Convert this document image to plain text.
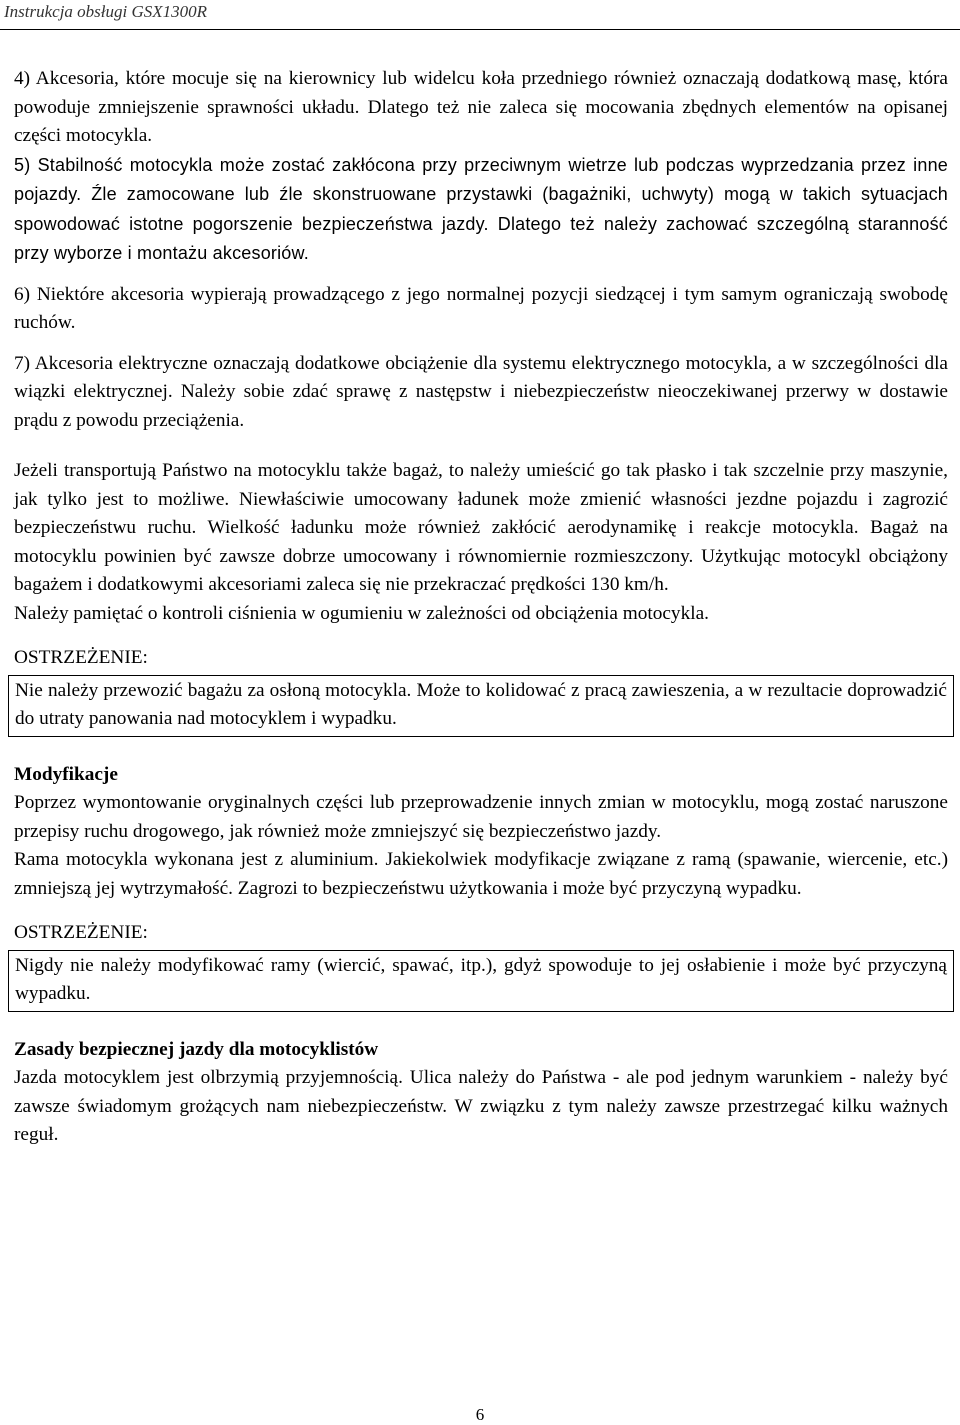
Instrukcja obsługi GSX1300R

4) Akcesoria, które mocuje się na kierownicy lub widelcu koła przedniego również oznaczają dodatkową masę, która powoduje zmniejszenie sprawności układu. Dlatego też nie zaleca się mocowania zbędnych elementów na opisanej części motocykla.

5) Stabilność motocykla może zostać zakłócona przy przeciwnym wietrze lub podczas wyprzedzania przez inne pojazdy. Źle zamocowane lub źle skonstruowane przystawki (bagażniki, uchwyty) mogą w takich sytuacjach spowodować istotne pogorszenie bezpieczeństwa jazdy. Dlatego też należy zachować szczególną staranność przy wyborze i montażu akcesoriów.

6) Niektóre akcesoria wypierają prowadzącego z jego normalnej pozycji siedzącej i tym samym ograniczają swobodę ruchów.

7) Akcesoria elektryczne oznaczają dodatkowe obciążenie dla systemu elektrycznego motocykla, a w szczególności dla wiązki elektrycznej. Należy sobie zdać sprawę z następstw i niebezpieczeństw nieoczekiwanej przerwy w dostawie prądu z powodu przeciążenia.

Jeżeli transportują Państwo na motocyklu także bagaż, to należy umieścić go tak płasko i tak szczelnie przy maszynie, jak tylko jest to możliwe. Niewłaściwie umocowany ładunek może zmienić własności jezdne pojazdu i zagrozić bezpieczeństwu ruchu. Wielkość ładunku może również zakłócić aerodynamikę i reakcje motocykla. Bagaż na motocyklu powinien być zawsze dobrze umocowany i równomiernie rozmieszczony. Użytkując motocykl obciążony bagażem i dodatkowymi akcesoriami zaleca się nie przekraczać prędkości 130 km/h.

Należy pamiętać o kontroli ciśnienia w ogumieniu w zależności od obciążenia motocykla.

OSTRZEŻENIE:

Nie należy przewozić bagażu za osłoną motocykla. Może to kolidować z pracą zawieszenia, a w rezultacie doprowadzić do utraty panowania nad motocyklem i wypadku.

Modyfikacje

Poprzez wymontowanie oryginalnych części lub przeprowadzenie innych zmian w motocyklu, mogą zostać naruszone przepisy ruchu drogowego, jak również może zmniejszyć się bezpieczeństwo jazdy.

Rama motocykla wykonana jest z aluminium. Jakiekolwiek modyfikacje związane z ramą (spawanie, wiercenie, etc.) zmniejszą jej wytrzymałość. Zagrozi to bezpieczeństwu użytkowania i może być przyczyną wypadku.

OSTRZEŻENIE:

Nigdy nie należy modyfikować ramy (wiercić, spawać, itp.), gdyż spowoduje to jej osłabienie i może być przyczyną wypadku.

Zasady bezpiecznej jazdy dla motocyklistów

Jazda motocyklem jest olbrzymią przyjemnością. Ulica należy do Państwa - ale pod jednym warunkiem - należy być zawsze świadomym grożących nam niebezpieczeństw. W związku z tym należy zawsze przestrzegać kilku ważnych reguł.

6
